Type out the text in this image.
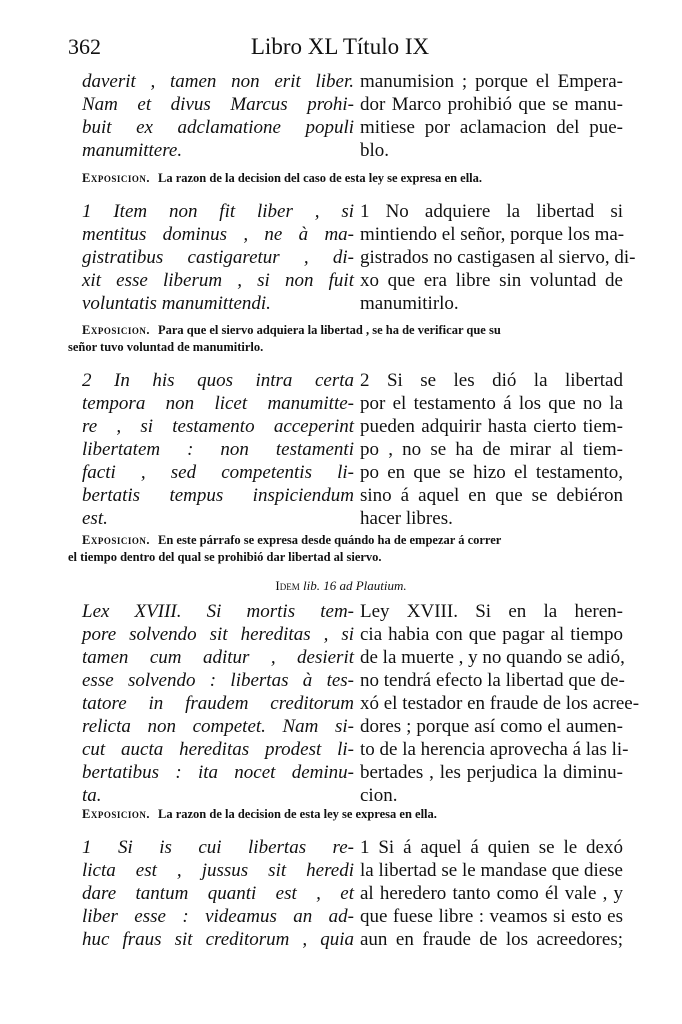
362	Libro XL Título IX
daverit , tamen non erit liber.
Nam et divus Marcus prohi-
buit ex adclamatione populi
manumittere.
manumision ; porque el Empera-
dor Marco prohibió que se manu-
mitiese por aclamacion del pue-
blo.
Exposicion. La razon de la decision del caso de esta ley se expresa en ella.
1 Item non fit liber , si
mentitus dominus , ne à ma-
gistratibus castigaretur , di-
xit esse liberum , si non fuit
voluntatis manumittendi.
1 No adquiere la libertad si
mintiendo el señor, porque los ma-
gistrados no castigasen al siervo, di-
xo que era libre sin voluntad de
manumitirlo.
Exposicion. Para que el siervo adquiera la libertad , se ha de verificar que su
señor tuvo voluntad de manumitirlo.
2 In his quos intra certa
tempora non licet manumitte-
re , si testamento acceperint
libertatem : non testamenti
facti , sed competentis li-
bertatis tempus inspiciendum
est.
2 Si se les dió la libertad
por el testamento á los que no la
pueden adquirir hasta cierto tiem-
po , no se ha de mirar al tiem-
po en que se hizo el testamento,
sino á aquel en que se debiéron
hacer libres.
Exposicion. En este párrafo se expresa desde quándo ha de empezar á correr
el tiempo dentro del qual se prohibió dar libertad al siervo.
Idem lib. 16 ad Plautium.
Lex XVIII. Si mortis tem-
pore solvendo sit hereditas , si
tamen cum aditur , desierit
esse solvendo : libertas à tes-
tatore in fraudem creditorum
relicta non competet. Nam si-
cut aucta hereditas prodest li-
bertatibus : ita nocet deminu-
ta.
Ley XVIII. Si en la heren-
cia habia con que pagar al tiempo
de la muerte , y no quando se adió,
no tendrá efecto la libertad que de-
xó el testador en fraude de los acree-
dores ; porque así como el aumen-
to de la herencia aprovecha á las li-
bertades , les perjudica la diminu-
cion.
Exposicion. La razon de la decision de esta ley se expresa en ella.
1 Si is cui libertas re-
licta est , jussus sit heredi
dare tantum quanti est , et
liber esse : videamus an ad-
huc fraus sit creditorum , quia
1 Si á aquel á quien se le dexó
la libertad se le mandase que diese
al heredero tanto como él vale , y
que fuese libre : veamos si esto es
aun en fraude de los acreedores;
